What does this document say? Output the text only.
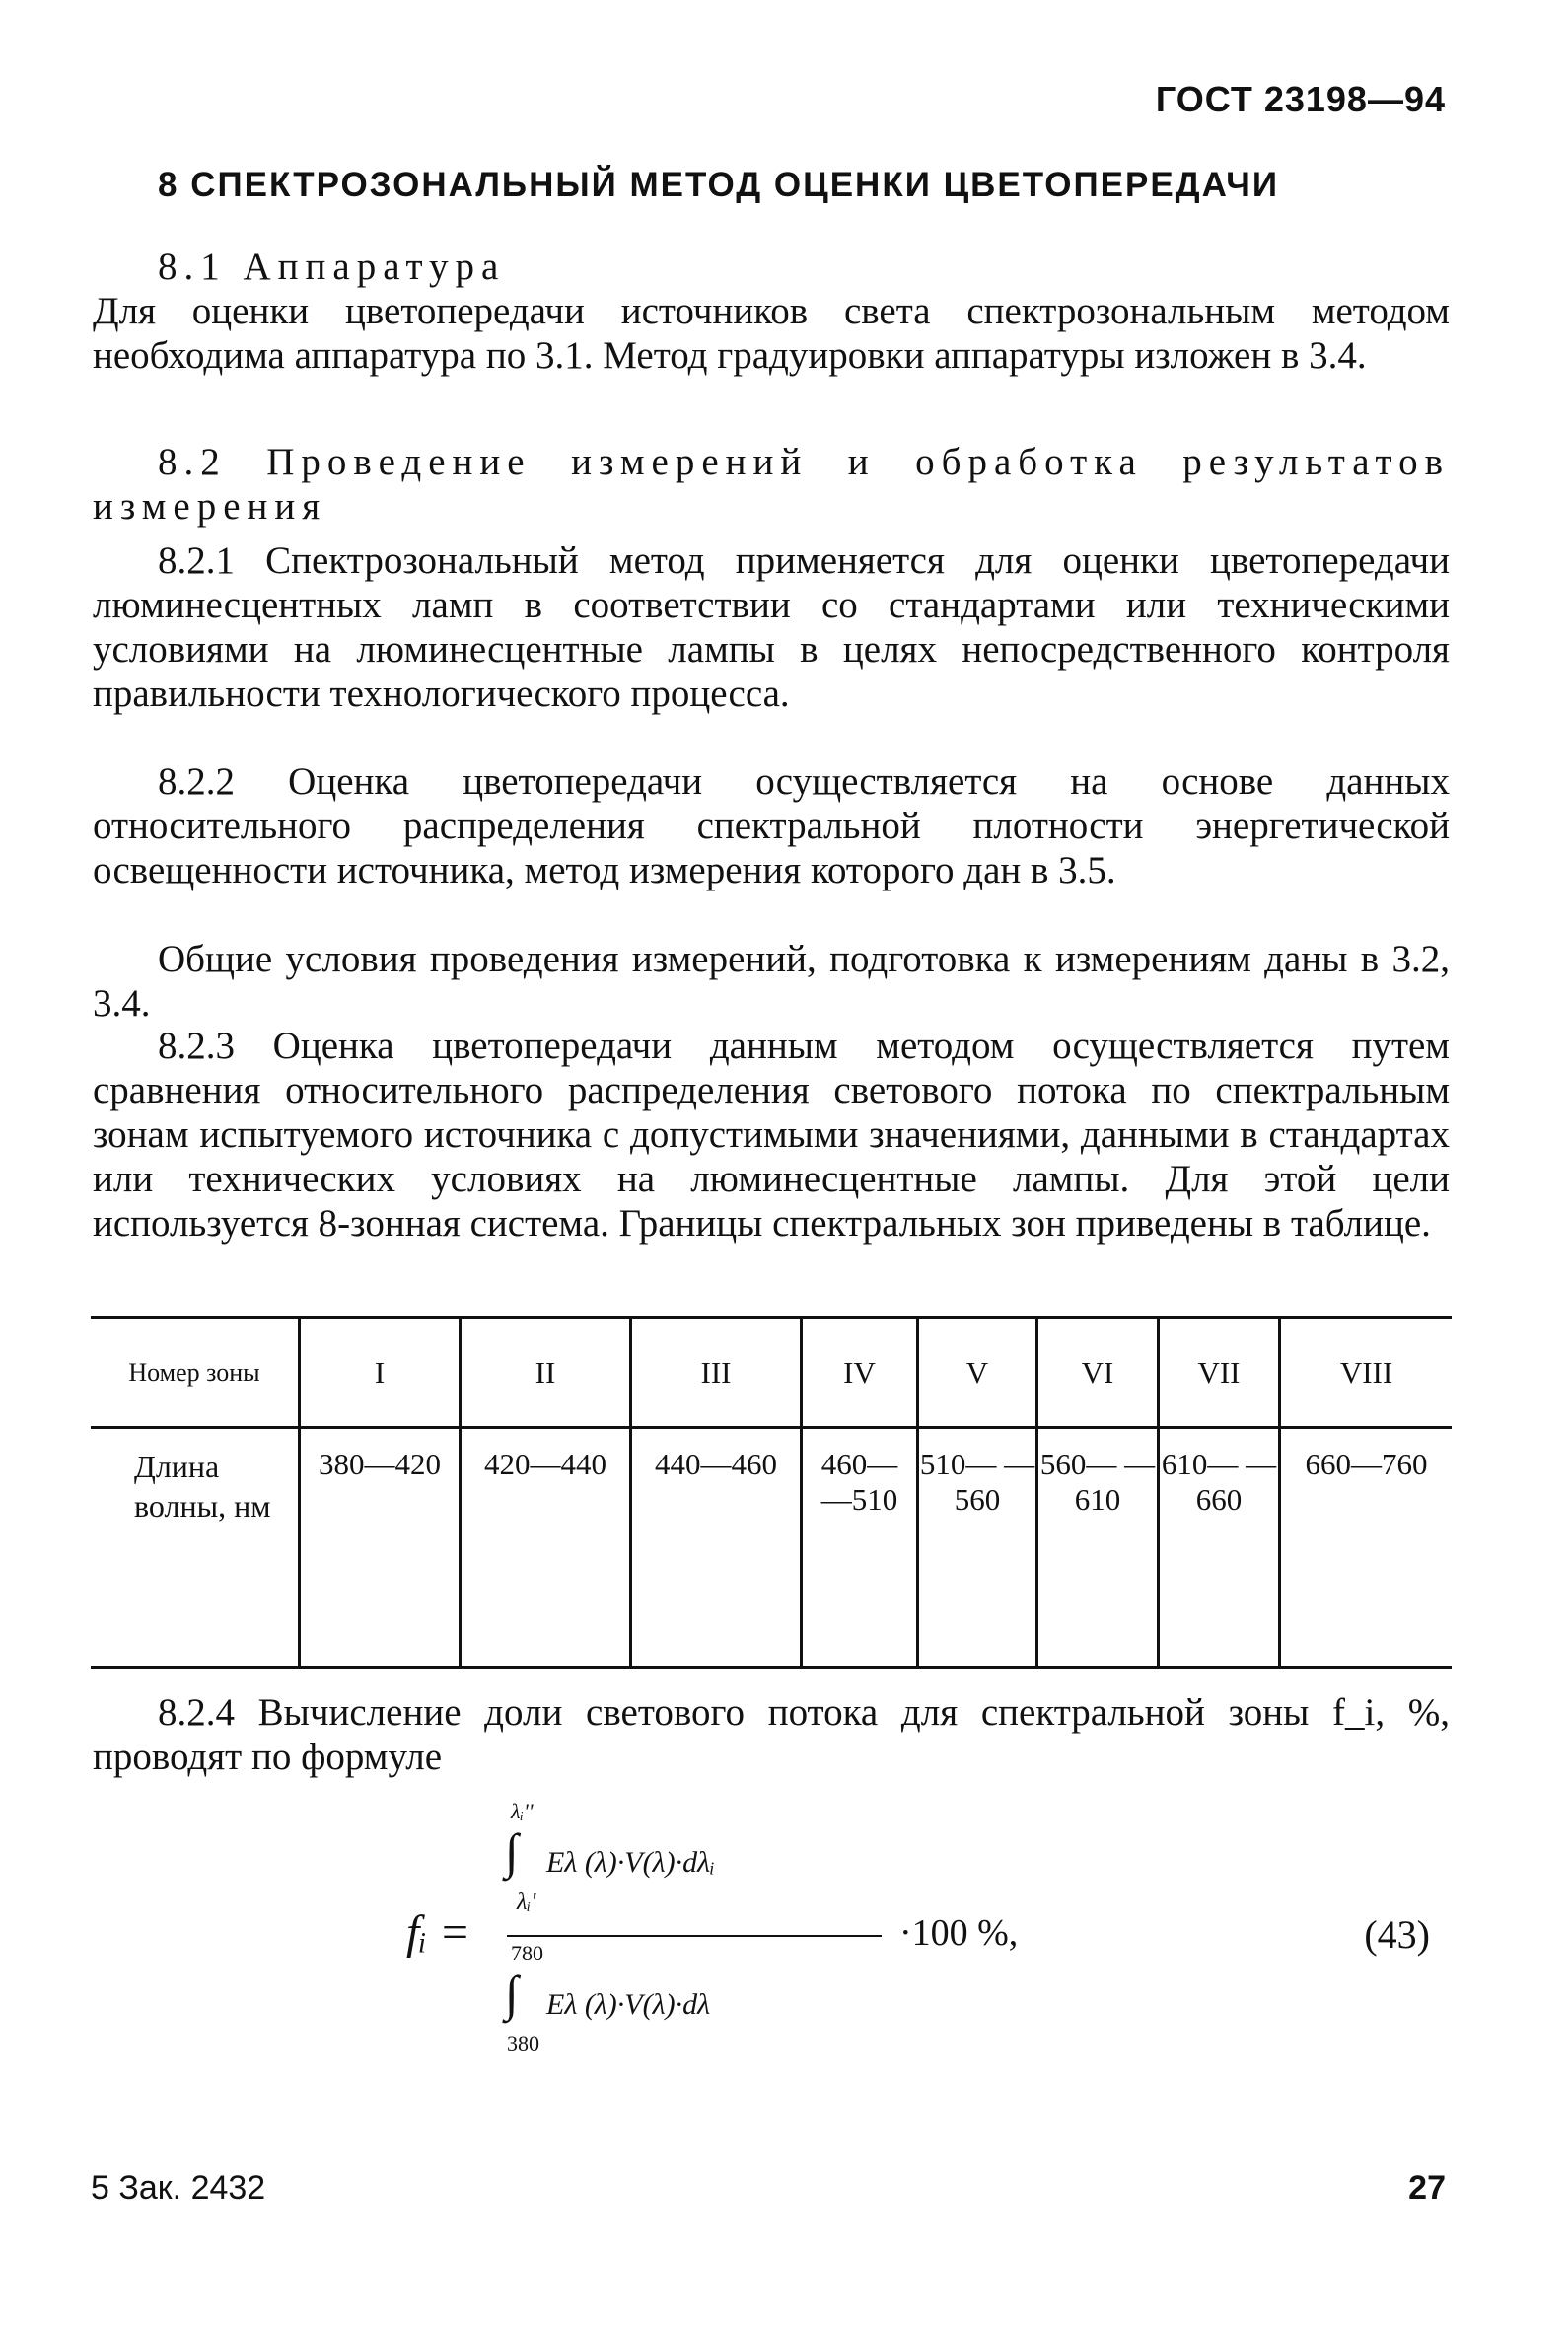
ГОСТ 23198—94
8 СПЕКТРОЗОНАЛЬНЫЙ МЕТОД ОЦЕНКИ ЦВЕТОПЕРЕДАЧИ

8.1 Аппаратура

Для оценки цветопередачи источников света спектрозональным методом необходима аппаратура по 3.1. Метод градуировки аппаратуры изложен в 3.4.

8.2 Проведение измерений и обработка результатов измерения

8.2.1 Спектрозональный метод применяется для оценки цветопередачи люминесцентных ламп в соответствии со стандартами или техническими условиями на люминесцентные лампы в целях непосредственного контроля правильности технологического процесса.

8.2.2 Оценка цветопередачи осуществляется на основе данных относительного распределения спектральной плотности энергетической освещенности источника, метод измерения которого дан в 3.5.

Общие условия проведения измерений, подготовка к измерениям даны в 3.2, 3.4.

8.2.3 Оценка цветопередачи данным методом осуществляется путем сравнения относительного распределения светового потока по спектральным зонам испытуемого источника с допустимыми значениями, данными в стандартах или технических условиях на люминесцентные лампы. Для этой цели используется 8-зонная система. Границы спектральных зон приведены в таблице.

Номер зоны	I	II	III	IV	V	VI	VII	VIII
Длина волны, нм	380—420	420—440	440—460	460— —510	510— —560	560— —610	610— —660	660—760

8.2.4 Вычисление доли светового потока для спектральной зоны f_i, %, проводят по формуле

λᵢ''
∫ Eλ (λ)·V(λ)·dλᵢ
λᵢ'
fᵢ = 780
∫ Eλ (λ)·V(λ)·dλ
380
·100 %,	(43)
5 Зак. 2432	27
